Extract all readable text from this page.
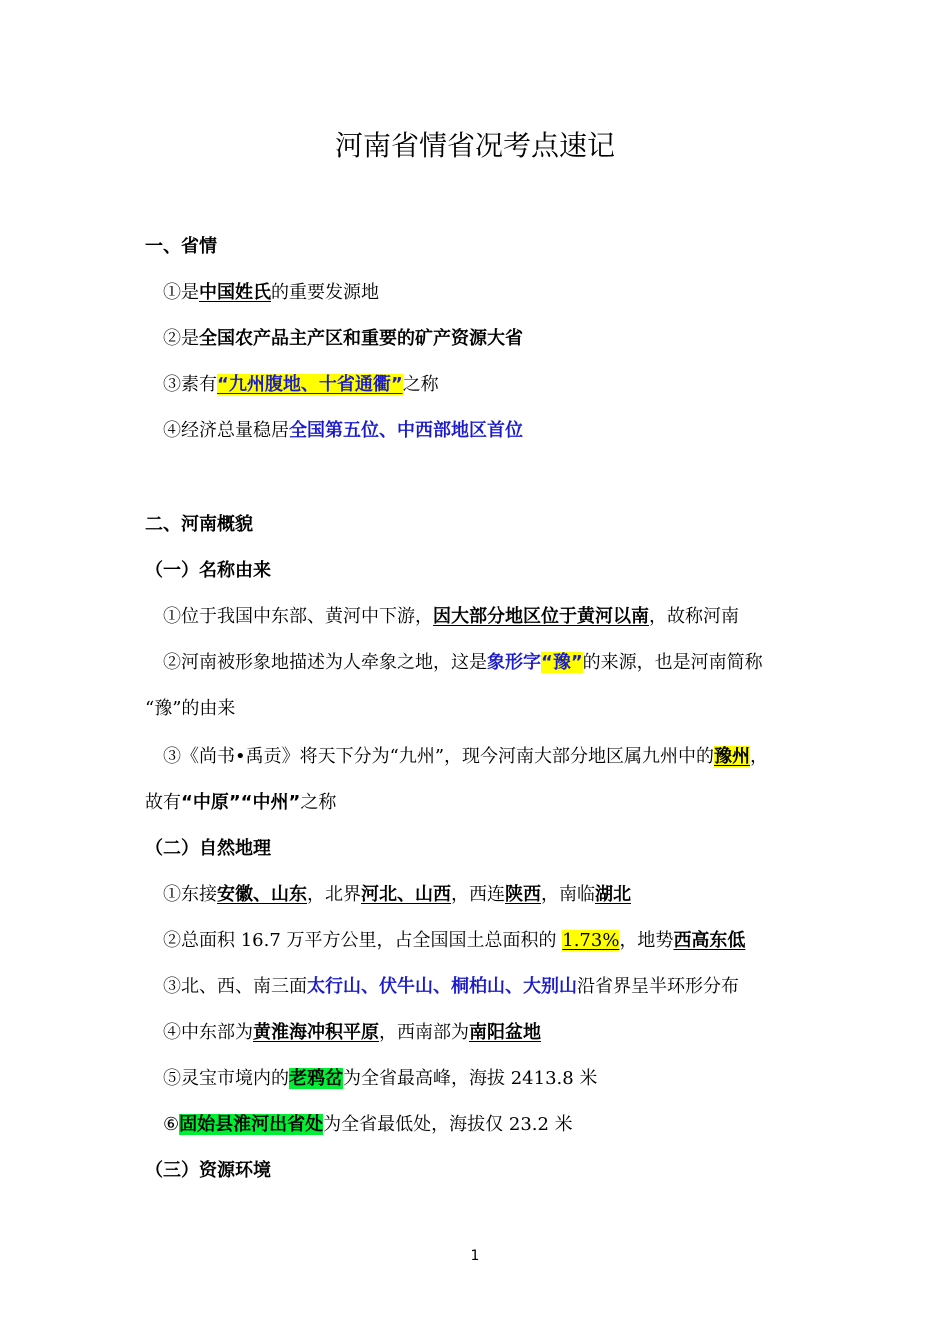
河南省情省况考点速记
一、省情
①是中国姓氏的重要发源地
②是全国农产品主产区和重要的矿产资源大省
③素有“九州腹地、十省通衢”之称
④经济总量稳居全国第五位、中西部地区首位
二、河南概貌
（一）名称由来
①位于我国中东部、黄河中下游，因大部分地区位于黄河以南，故称河南
②河南被形象地描述为人牵象之地，这是象形字“豫”的来源，也是河南简称
“豫”的由来
③《尚书•禹贡》将天下分为“九州”，现今河南大部分地区属九州中的豫州，
故有“中原”“中州”之称
（二）自然地理
①东接安徽、山东，北界河北、山西，西连陕西，南临湖北
②总面积 16.7 万平方公里，占全国国土总面积的 1.73%，地势西高东低
③北、西、南三面太行山、伏牛山、桐柏山、大别山沿省界呈半环形分布
④中东部为黄淮海冲积平原，西南部为南阳盆地
⑤灵宝市境内的老鸦岔为全省最高峰，海拔 2413.8 米
⑥固始县淮河出省处为全省最低处，海拔仅 23.2 米
（三）资源环境
1
